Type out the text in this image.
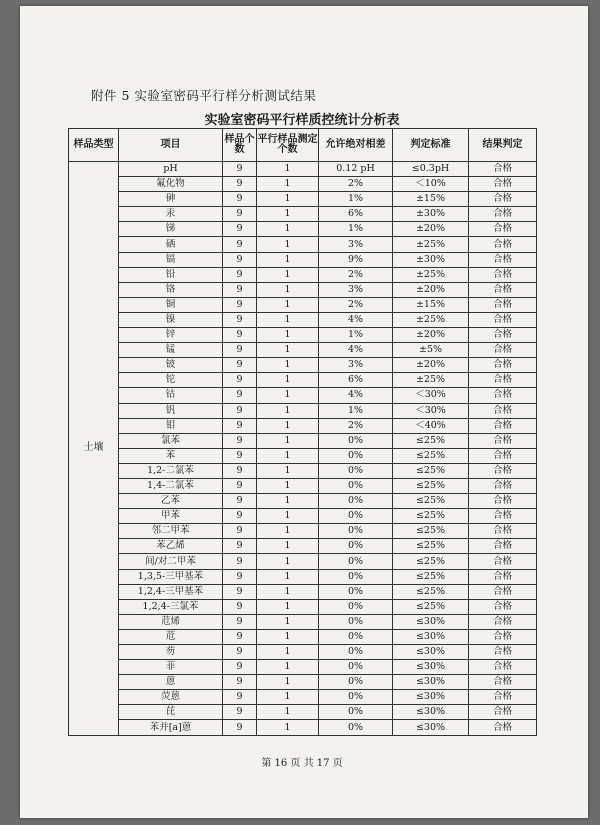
附件 5 实验室密码平行样分析测试结果
实验室密码平行样质控统计分析表
样品类型	项目	样品个数	平行样品测定个数	允许绝对相差	判定标准	结果判定
土壤	pH	9	1	0.12 pH	≤0.3pH	合格
	氟化物	9	1	2%	＜10%	合格
	砷	9	1	1%	±15%	合格
	汞	9	1	6%	±30%	合格
	锑	9	1	1%	±20%	合格
	硒	9	1	3%	±25%	合格
	镉	9	1	9%	±30%	合格
	铅	9	1	2%	±25%	合格
	铬	9	1	3%	±20%	合格
	铜	9	1	2%	±15%	合格
	镍	9	1	4%	±25%	合格
	锌	9	1	1%	±20%	合格
	锰	9	1	4%	±5%	合格
	铍	9	1	3%	±20%	合格
	铊	9	1	6%	±25%	合格
	钴	9	1	4%	＜30%	合格
	钒	9	1	1%	＜30%	合格
	钼	9	1	2%	＜40%	合格
	氯苯	9	1	0%	≤25%	合格
	苯	9	1	0%	≤25%	合格
	1,2-二氯苯	9	1	0%	≤25%	合格
	1,4-二氯苯	9	1	0%	≤25%	合格
	乙苯	9	1	0%	≤25%	合格
	甲苯	9	1	0%	≤25%	合格
	邻二甲苯	9	1	0%	≤25%	合格
	苯乙烯	9	1	0%	≤25%	合格
	间/对二甲苯	9	1	0%	≤25%	合格
	1,3,5-三甲基苯	9	1	0%	≤25%	合格
	1,2,4-三甲基苯	9	1	0%	≤25%	合格
	1,2,4-三氯苯	9	1	0%	≤25%	合格
	苊烯	9	1	0%	≤30%	合格
	苊	9	1	0%	≤30%	合格
	芴	9	1	0%	≤30%	合格
	菲	9	1	0%	≤30%	合格
	蒽	9	1	0%	≤30%	合格
	荧蒽	9	1	0%	≤30%	合格
	芘	9	1	0%	≤30%	合格
	苯并[a]蒽	9	1	0%	≤30%	合格
第 16 页 共 17 页
